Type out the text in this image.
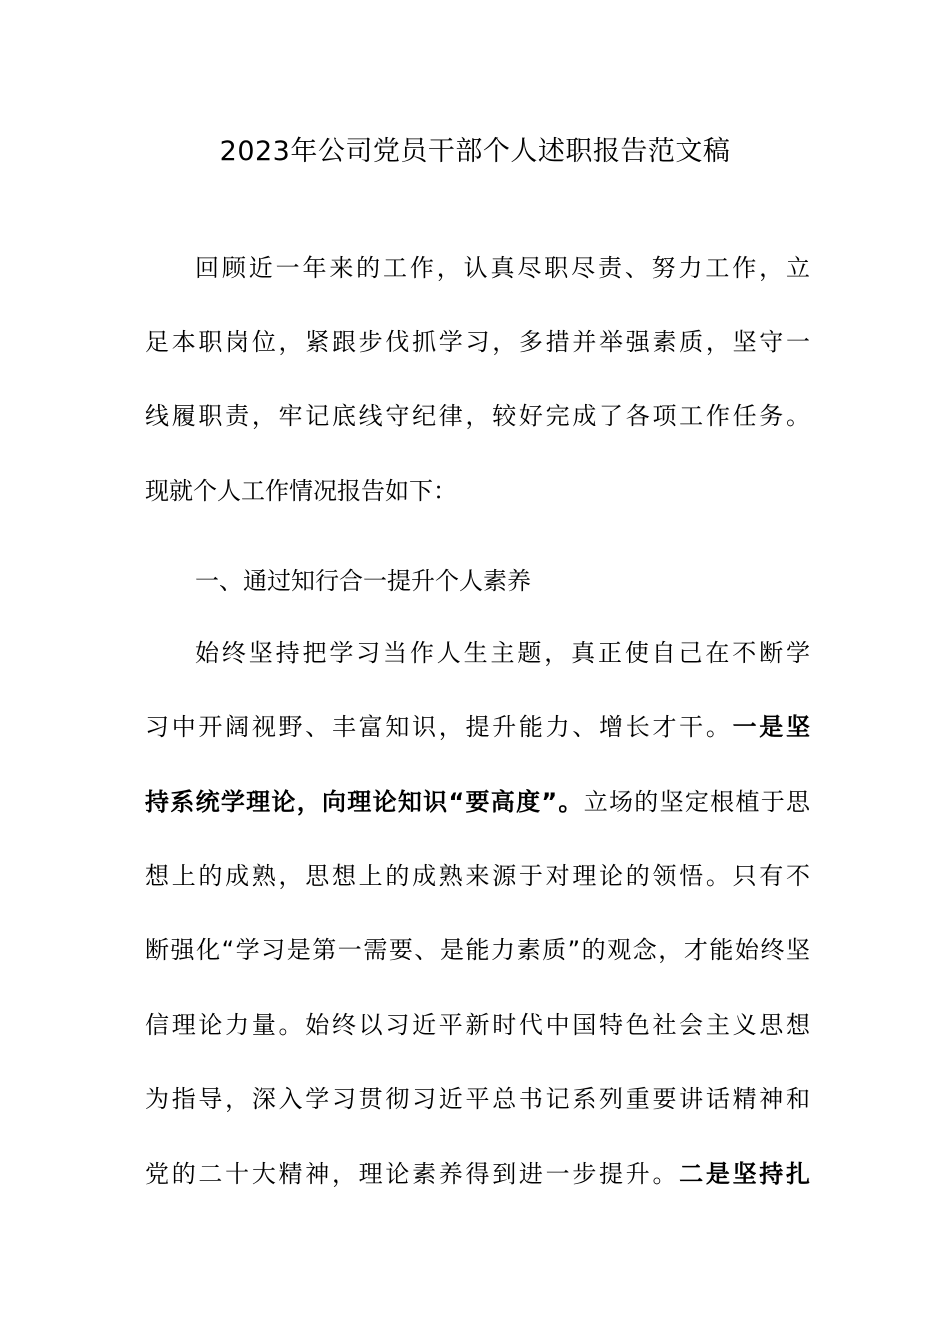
2023年公司党员干部个人述职报告范文稿
回顾近一年来的工作，认真尽职尽责、努力工作，立
足本职岗位，紧跟步伐抓学习，多措并举强素质，坚守一
线履职责，牢记底线守纪律，较好完成了各项工作任务。
现就个人工作情况报告如下：
一、通过知行合一提升个人素养
始终坚持把学习当作人生主题，真正使自己在不断学
习中开阔视野、丰富知识，提升能力、增长才干。一是坚
持系统学理论，向理论知识“要高度”。立场的坚定根植于思
想上的成熟，思想上的成熟来源于对理论的领悟。只有不
断强化“学习是第一需要、是能力素质”的观念，才能始终坚
信理论力量。始终以习近平新时代中国特色社会主义思想
为指导，深入学习贯彻习近平总书记系列重要讲话精神和
党的二十大精神，理论素养得到进一步提升。二是坚持扎
